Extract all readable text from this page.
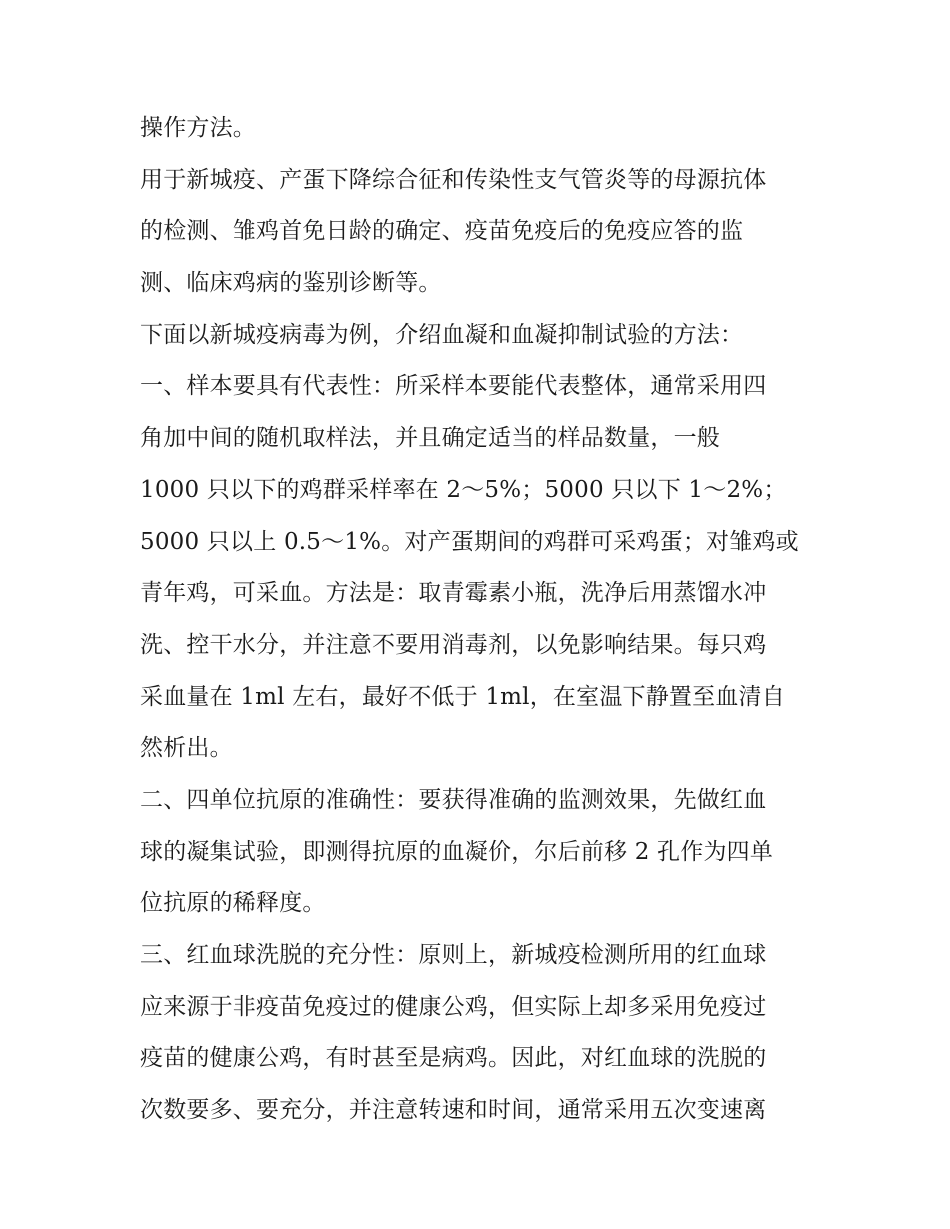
操作方法。
用于新城疫、产蛋下降综合征和传染性支气管炎等的母源抗体
的检测、雏鸡首免日龄的确定、疫苗免疫后的免疫应答的监
测、临床鸡病的鉴别诊断等。
下面以新城疫病毒为例，介绍血凝和血凝抑制试验的方法：
一、样本要具有代表性：所采样本要能代表整体，通常采用四
角加中间的随机取样法，并且确定适当的样品数量，一般
1000 只以下的鸡群采样率在 2～5%；5000 只以下 1～2%；
5000 只以上 0.5～1%。对产蛋期间的鸡群可采鸡蛋；对雏鸡或
青年鸡，可采血。方法是：取青霉素小瓶，洗净后用蒸馏水冲
洗、控干水分，并注意不要用消毒剂，以免影响结果。每只鸡
采血量在 1ml 左右，最好不低于 1ml，在室温下静置至血清自
然析出。
二、四单位抗原的准确性：要获得准确的监测效果，先做红血
球的凝集试验，即测得抗原的血凝价，尔后前移 2 孔作为四单
位抗原的稀释度。
三、红血球洗脱的充分性：原则上，新城疫检测所用的红血球
应来源于非疫苗免疫过的健康公鸡，但实际上却多采用免疫过
疫苗的健康公鸡，有时甚至是病鸡。因此，对红血球的洗脱的
次数要多、要充分，并注意转速和时间，通常采用五次变速离
